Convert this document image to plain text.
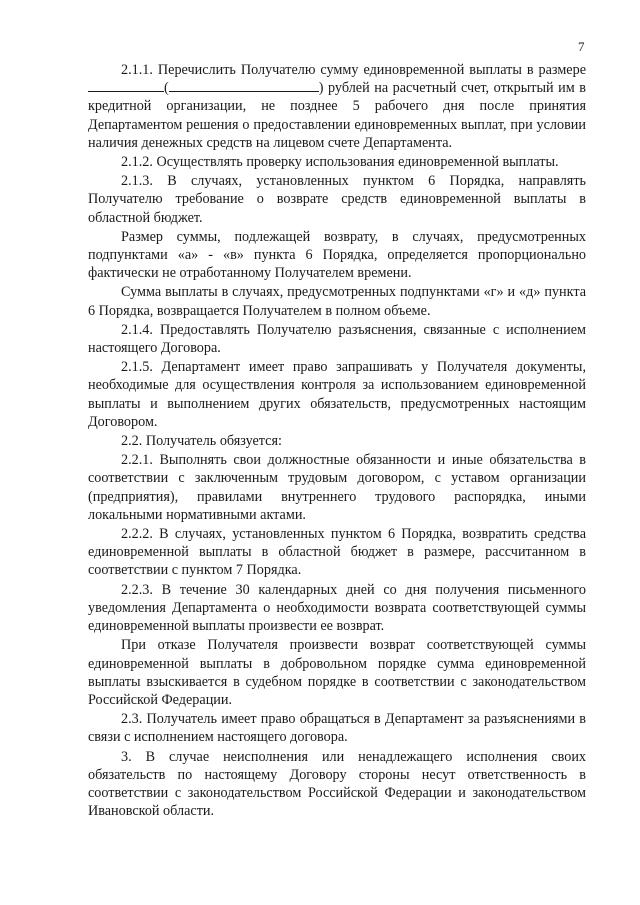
7

2.1.1. Перечислить Получателю сумму единовременной выплаты в размере (	) рублей на расчетный счет, открытый им в кредитной организации, не позднее 5 рабочего дня после принятия Департаментом решения о предоставлении единовременных выплат, при условии наличия денежных средств на лицевом счете Департамента.

2.1.2. Осуществлять проверку использования единовременной выплаты.

2.1.3. В случаях, установленных пунктом 6 Порядка, направлять Получателю требование о возврате средств единовременной выплаты в областной бюджет.

Размер суммы, подлежащей возврату, в случаях, предусмотренных подпунктами «а» - «в» пункта 6 Порядка, определяется пропорционально фактически не отработанному Получателем времени.

Сумма выплаты в случаях, предусмотренных подпунктами «г» и «д» пункта 6 Порядка, возвращается Получателем в полном объеме.

2.1.4. Предоставлять Получателю разъяснения, связанные с исполнением настоящего Договора.

2.1.5. Департамент имеет право запрашивать у Получателя документы, необходимые для осуществления контроля за использованием единовременной выплаты и выполнением других обязательств, предусмотренных настоящим Договором.

2.2. Получатель обязуется:

2.2.1. Выполнять свои должностные обязанности и иные обязательства в соответствии с заключенным трудовым договором, с уставом организации (предприятия), правилами внутреннего трудового распорядка, иными локальными нормативными актами.

2.2.2. В случаях, установленных пунктом 6 Порядка, возвратить средства единовременной выплаты в областной бюджет в размере, рассчитанном в соответствии с пунктом 7 Порядка.

2.2.3. В течение 30 календарных дней со дня получения письменного уведомления Департамента о необходимости возврата соответствующей суммы единовременной выплаты произвести ее возврат.

При отказе Получателя произвести возврат соответствующей суммы единовременной выплаты в добровольном порядке сумма единовременной выплаты взыскивается в судебном порядке в соответствии с законодательством Российской Федерации.

2.3. Получатель имеет право обращаться в Департамент за разъяснениями в связи с исполнением настоящего договора.

3. В случае неисполнения или ненадлежащего исполнения своих обязательств по настоящему Договору стороны несут ответственность в соответствии с законодательством Российской Федерации и законодательством Ивановской области.
